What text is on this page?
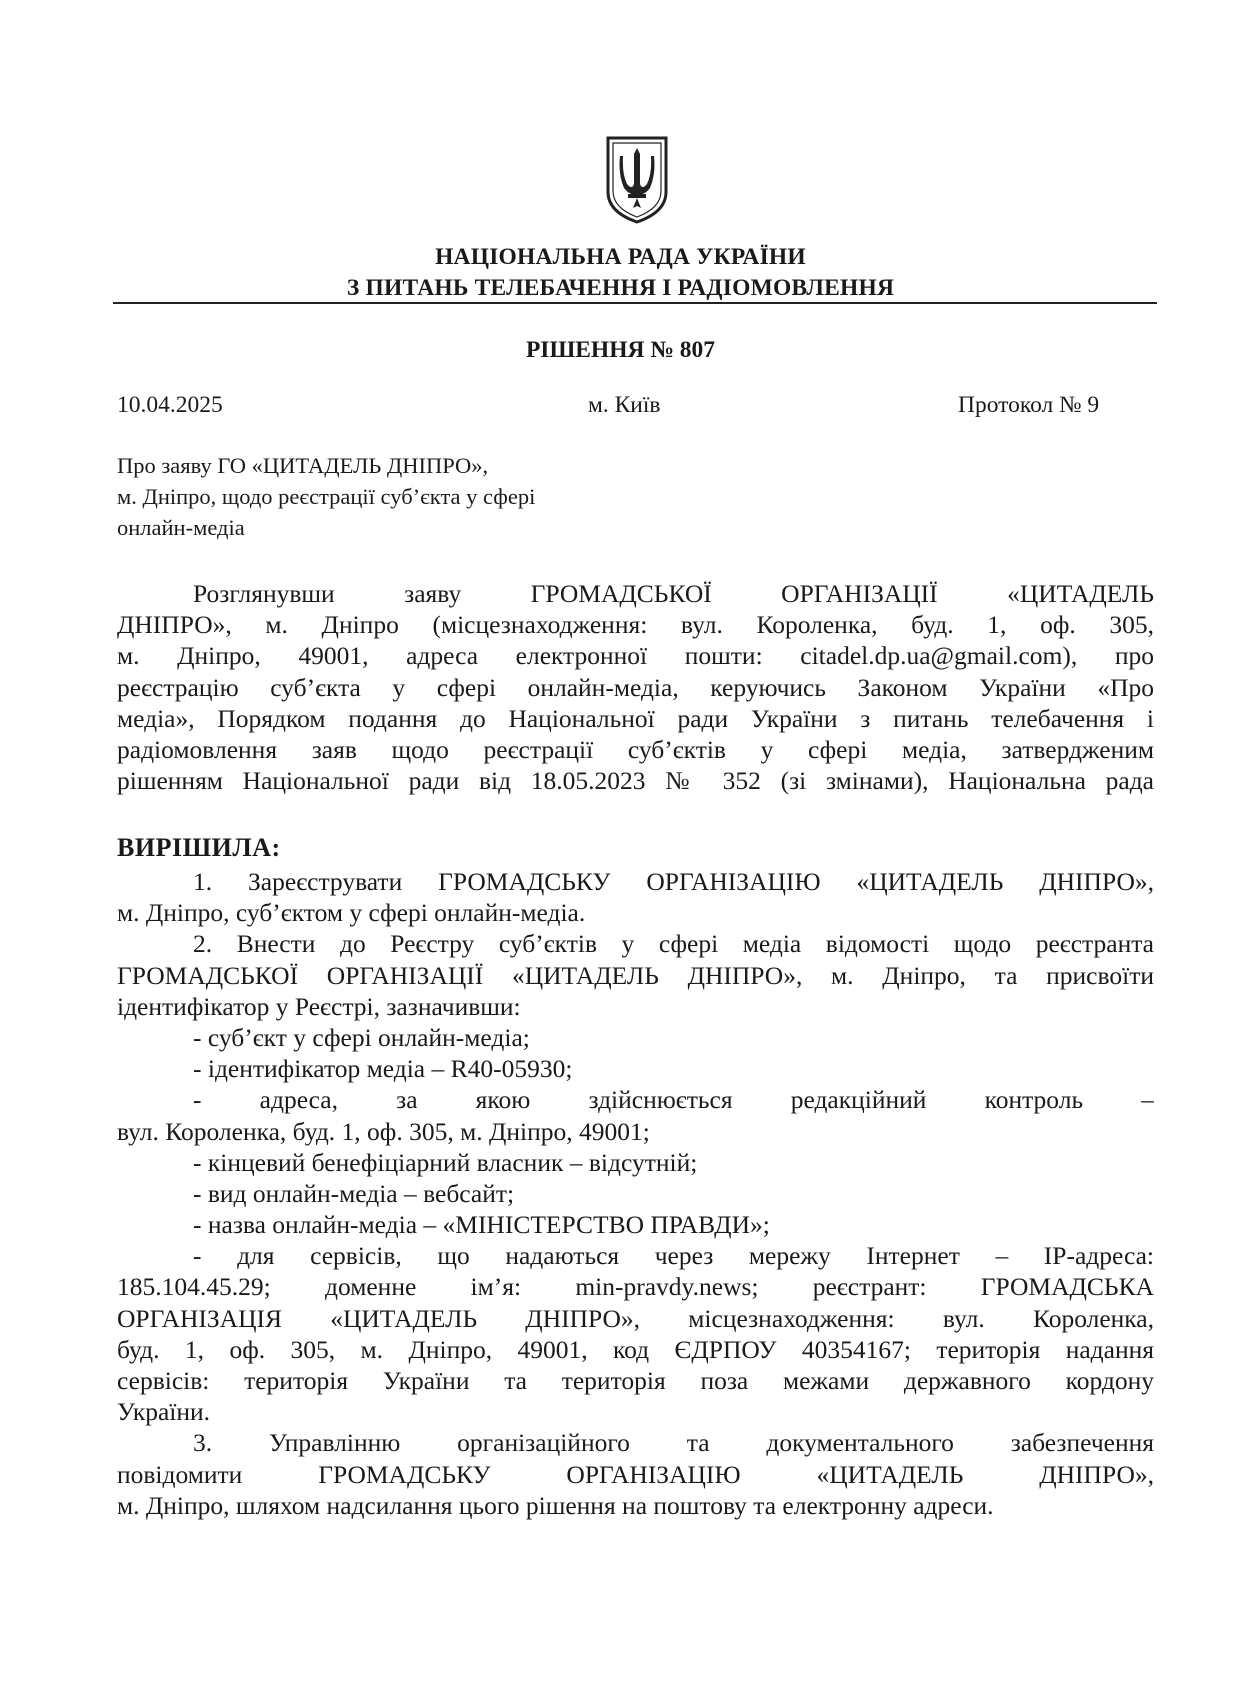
НАЦІОНАЛЬНА РАДА УКРАЇНИ
З ПИТАНЬ ТЕЛЕБАЧЕННЯ І РАДІОМОВЛЕННЯ
РІШЕННЯ № 807
10.04.2025	м. Київ	Протокол № 9
Про заяву ГО «ЦИТАДЕЛЬ ДНІПРО»,
м. Дніпро, щодо реєстрації суб’єкта у сфері
онлайн-медіа
Розглянувши заяву ГРОМАДСЬКОЇ ОРГАНІЗАЦІЇ «ЦИТАДЕЛЬ
ДНІПРО», м. Дніпро (місцезнаходження: вул. Короленка, буд. 1, оф. 305,
м. Дніпро, 49001, адреса електронної пошти: citadel.dp.ua@gmail.com), про
реєстрацію суб’єкта у сфері онлайн-медіа, керуючись Законом України «Про
медіа», Порядком подання до Національної ради України з питань телебачення і
радіомовлення заяв щодо реєстрації суб’єктів у сфері медіа, затвердженим
рішенням Національної ради від 18.05.2023 № 352 (зі змінами), Національна рада
ВИРІШИЛА:
1. Зареєструвати ГРОМАДСЬКУ ОРГАНІЗАЦІЮ «ЦИТАДЕЛЬ ДНІПРО»,
м. Дніпро, суб’єктом у сфері онлайн-медіа.
2. Внести до Реєстру суб’єктів у сфері медіа відомості щодо реєстранта
ГРОМАДСЬКОЇ ОРГАНІЗАЦІЇ «ЦИТАДЕЛЬ ДНІПРО», м. Дніпро, та присвоїти
ідентифікатор у Реєстрі, зазначивши:
- суб’єкт у сфері онлайн-медіа;
- ідентифікатор медіа – R40-05930;
- адреса, за якою здійснюється редакційний контроль –
вул. Короленка, буд. 1, оф. 305, м. Дніпро, 49001;
- кінцевий бенефіціарний власник – відсутній;
- вид онлайн-медіа – вебсайт;
- назва онлайн-медіа – «МІНІСТЕРСТВО ПРАВДИ»;
- для сервісів, що надаються через мережу Інтернет – IP-адреса:
185.104.45.29; доменне ім’я: min-pravdy.news; реєстрант: ГРОМАДСЬКА
ОРГАНІЗАЦІЯ «ЦИТАДЕЛЬ ДНІПРО», місцезнаходження: вул. Короленка,
буд. 1, оф. 305, м. Дніпро, 49001, код ЄДРПОУ 40354167; територія надання
сервісів: територія України та територія поза межами державного кордону
України.
3. Управлінню організаційного та документального забезпечення
повідомити ГРОМАДСЬКУ ОРГАНІЗАЦІЮ «ЦИТАДЕЛЬ ДНІПРО»,
м. Дніпро, шляхом надсилання цього рішення на поштову та електронну адреси.
